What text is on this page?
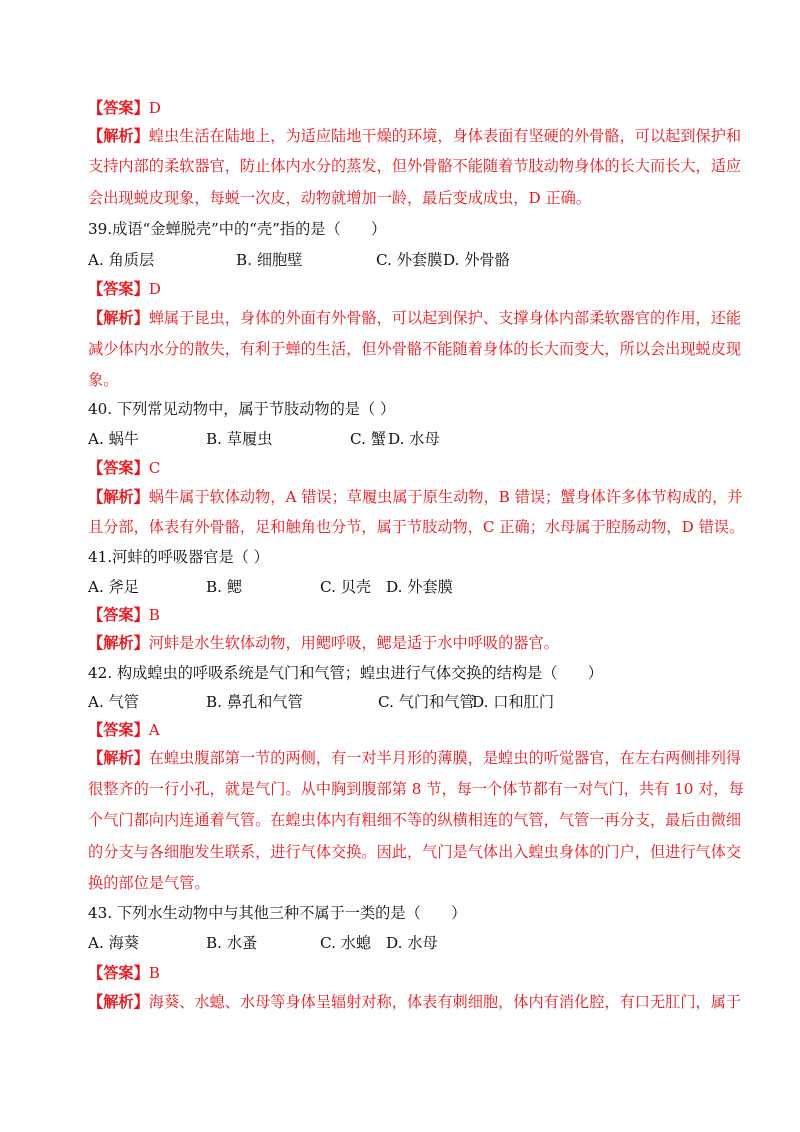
【答案】D
【解析】蝗虫生活在陆地上，为适应陆地干燥的环境，身体表面有坚硬的外骨骼，可以起到保护和
支持内部的柔软器官，防止体内水分的蒸发，但外骨骼不能随着节肢动物身体的长大而长大，适应
会出现蜕皮现象，每蜕一次皮，动物就增加一龄，最后变成成虫，D 正确。
39.成语“金蝉脱壳”中的“壳”指的是（　　）
A. 角质层	B. 细胞壁	C. 外套膜 D. 外骨骼
【答案】D
【解析】蝉属于昆虫，身体的外面有外骨骼，可以起到保护、支撑身体内部柔软器官的作用，还能
减少体内水分的散失，有利于蝉的生活，但外骨骼不能随着身体的长大而变大，所以会出现蜕皮现
象。
40. 下列常见动物中，属于节肢动物的是（ ）
A. 蜗牛	B. 草履虫	C. 蟹 D. 水母
【答案】C
【解析】蜗牛属于软体动物，A 错误；草履虫属于原生动物，B 错误；蟹身体许多体节构成的，并
且分部，体表有外骨骼，足和触角也分节，属于节肢动物，C 正确；水母属于腔肠动物，D 错误。
41.河蚌的呼吸器官是（ ）
A. 斧足	B. 鳃	C. 贝壳 D. 外套膜
【答案】B
【解析】河蚌是水生软体动物，用鳃呼吸，鳃是适于水中呼吸的器官。
42. 构成蝗虫的呼吸系统是气门和气管；蝗虫进行气体交换的结构是（　　）
A. 气管	B. 鼻孔和气管	C. 气门和气管
D. 口和肛门
【答案】A
【解析】在蝗虫腹部第一节的两侧，有一对半月形的薄膜，是蝗虫的听觉器官，在左右两侧排列得
很整齐的一行小孔，就是气门。从中胸到腹部第 8 节，每一个体节都有一对气门，共有 10 对，每
个气门都向内连通着气管。在蝗虫体内有粗细不等的纵横相连的气管，气管一再分支，最后由微细
的分支与各细胞发生联系，进行气体交换。因此，气门是气体出入蝗虫身体的门户，但进行气体交
换的部位是气管。
43. 下列水生动物中与其他三种不属于一类的是（　　）
A. 海葵	B. 水蚤	C. 水螅 D. 水母
【答案】B
【解析】海葵、水螅、水母等身体呈辐射对称，体表有刺细胞，体内有消化腔，有口无肛门，属于
